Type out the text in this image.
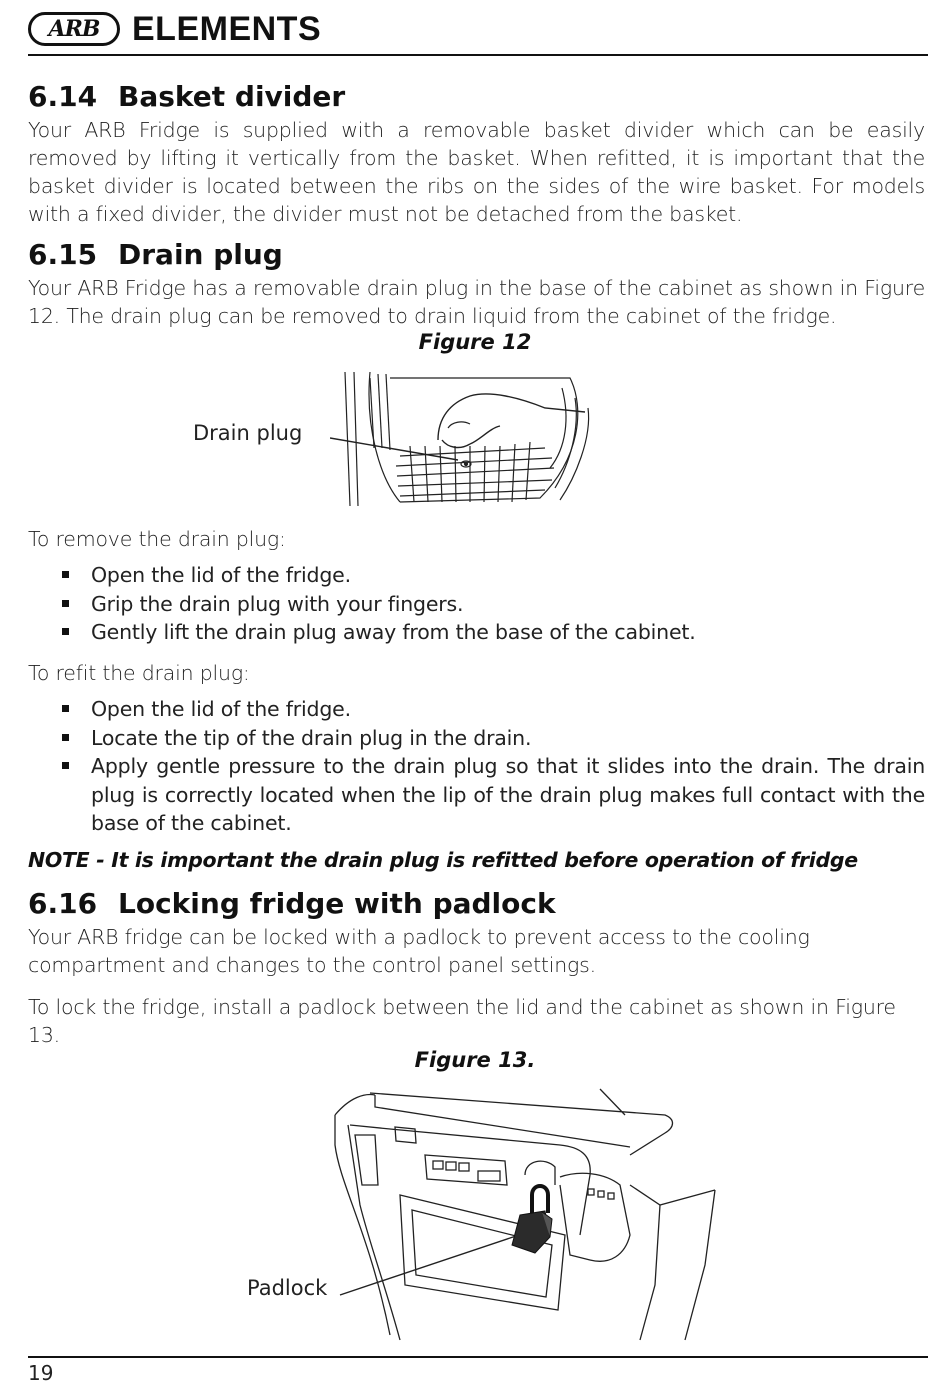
ARB ELEMENTS
6.14 Basket divider
Your ARB Fridge is supplied with a removable basket divider which can be easily removed by lifting it vertically from the basket. When refitted, it is important that the basket divider is located between the ribs on the sides of the wire basket. For models with a fixed divider, the divider must not be detached from the basket.
6.15 Drain plug
Your ARB Fridge has a removable drain plug in the base of the cabinet as shown in Figure 12. The drain plug can be removed to drain liquid from the cabinet of the fridge.
Figure 12
Drain plug
To remove the drain plug:
Open the lid of the fridge.
Grip the drain plug with your fingers.
Gently lift the drain plug away from the base of the cabinet.
To refit the drain plug:
Open the lid of the fridge.
Locate the tip of the drain plug in the drain.
Apply gentle pressure to the drain plug so that it slides into the drain. The drain plug is correctly located when the lip of the drain plug makes full contact with the base of the cabinet.
NOTE - It is important the drain plug is refitted before operation of fridge
6.16 Locking fridge with padlock
Your ARB fridge can be locked with a padlock to prevent access to the cooling compartment and changes to the control panel settings.
To lock the fridge, install a padlock between the lid and the cabinet as shown in Figure 13.
Figure 13.
Padlock
19
